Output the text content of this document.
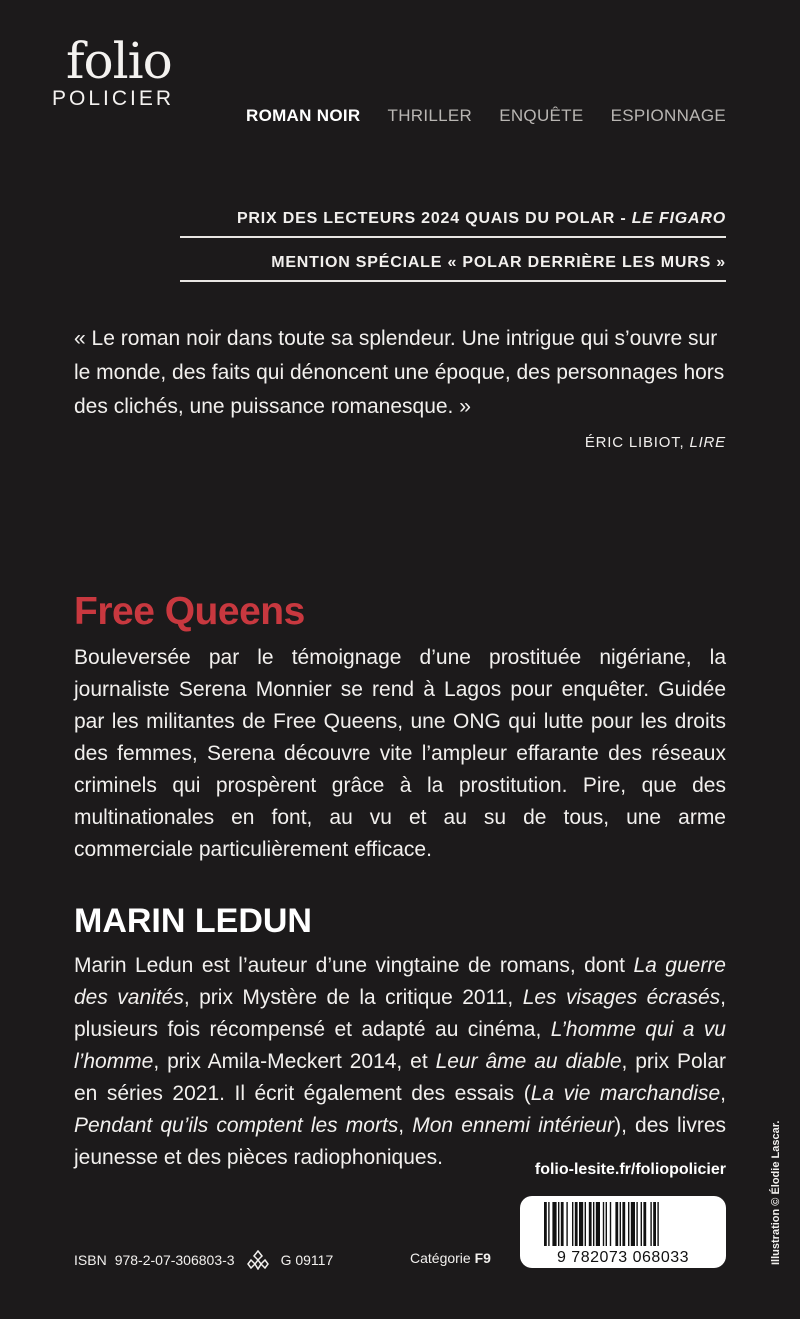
folio
POLICIER
ROMAN NOIR THRILLER ENQUÊTE ESPIONNAGE
PRIX DES LECTEURS 2024 QUAIS DU POLAR - LE FIGARO
MENTION SPÉCIALE « POLAR DERRIÈRE LES MURS »
« Le roman noir dans toute sa splendeur. Une intrigue qui s’ouvre sur le monde, des faits qui dénoncent une époque, des personnages hors des clichés, une puissance romanesque. »
ÉRIC LIBIOT, LIRE
Free Queens
Bouleversée par le témoignage d’une prostituée nigériane, la journaliste Serena Monnier se rend à Lagos pour enquêter. Guidée par les militantes de Free Queens, une ONG qui lutte pour les droits des femmes, Serena découvre vite l’ampleur effarante des réseaux criminels qui prospèrent grâce à la prostitution. Pire, que des multinationales en font, au vu et au su de tous, une arme commerciale particulièrement efficace.
MARIN LEDUN
Marin Ledun est l’auteur d’une vingtaine de romans, dont La guerre des vanités, prix Mystère de la critique 2011, Les visages écrasés, plusieurs fois récompensé et adapté au cinéma, L’homme qui a vu l’homme, prix Amila-Meckert 2014, et Leur âme au diable, prix Polar en séries 2021. Il écrit également des essais (La vie marchandise, Pendant qu’ils comptent les morts, Mon ennemi intérieur), des livres jeunesse et des pièces radiophoniques.
folio-lesite.fr/foliopolicier
ISBN 978-2-07-306803-3	G 09117	Catégorie F9	9 782073 068033	Illustration © Élodie Lascar.
